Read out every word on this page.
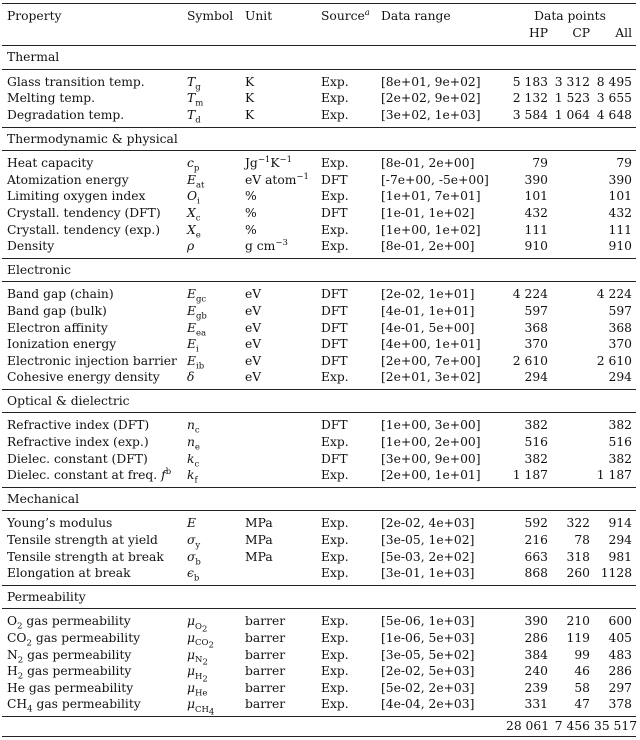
Property	Symbol	Unit	Source$^a$	Data range	Data points		
					HP	CP	All
Thermal							
Glass transition temp.	$T_g$	K	Exp.	[8e+01, 9e+02]	5 183	3 312	8 495
Melting temp.	$T_m$	K	Exp.	[2e+02, 9e+02]	2 132	1 523	3 655
Degradation temp.	$T_d$	K	Exp.	[3e+02, 1e+03]	3 584	1 064	4 648
Thermodynamic & physical							
Heat capacity	$c_p$	$Jg^{-1}K^{-1}$	Exp.	[8e-01, 2e+00]	79		79
Atomization energy	$E_{at}$	eV atom$^{-1}$	DFT	[-7e+00, -5e+00]	390		390
Limiting oxygen index	$O_i$	%	Exp.	[1e+01, 7e+01]	101		101
Crystall. tendency (DFT)	$X_c$	%	DFT	[1e-01, 1e+02]	432		432
Crystall. tendency (exp.)	$X_e$	%	Exp.	[1e+00, 1e+02]	111		111
Density	ρ	g $cm^{-3}$	Exp.	[8e-01, 2e+00]	910		910
Electronic							
Band gap (chain)	$E_{gc}$	eV	DFT	[2e-02, 1e+01]	4 224		4 224
Band gap (bulk)	$E_{gb}$	eV	DFT	[4e-01, 1e+01]	597		597
Electron affinity	$E_{ea}$	eV	DFT	[4e-01, 5e+00]	368		368
Ionization energy	$E_i$	eV	DFT	[4e+00, 1e+01]	370		370
Electronic injection barrier	$E_{ib}$	eV	DFT	[2e+00, 7e+00]	2 610		2 610
Cohesive energy density	δ	eV	Exp.	[2e+01, 3e+02]	294		294
Optical & dielectric							
Refractive index (DFT)	$n_c$		DFT	[1e+00, 3e+00]	382		382
Refractive index (exp.)	$n_e$		Exp.	[1e+00, 2e+00]	516		516
Dielec. constant (DFT)	$k_c$		DFT	[3e+00, 9e+00]	382		382
Dielec. constant at freq. $f^b$	$k_f$		Exp.	[2e+00, 1e+01]	1 187		1 187
Mechanical							
Young’s modulus	E	MPa	Exp.	[2e-02, 4e+03]	592	322	914
Tensile strength at yield	$\sigma_y$	MPa	Exp.	[3e-05, 1e+02]	216	78	294
Tensile strength at break	$\sigma_b$	MPa	Exp.	[5e-03, 2e+02]	663	318	981
Elongation at break	$\epsilon_b$		Exp.	[3e-01, 1e+03]	868	260	1128
Permeability							
$O_2$ gas permeability	$\mu_{O_2}$	barrer	Exp.	[5e-06, 1e+03]	390	210	600
$CO_2$ gas permeability	$\mu_{CO_2}$	barrer	Exp.	[1e-06, 5e+03]	286	119	405
$N_2$ gas permeability	$\mu_{N_2}$	barrer	Exp.	[3e-05, 5e+02]	384	99	483
$H_2$ gas permeability	$\mu_{H_2}$	barrer	Exp.	[2e-02, 5e+03]	240	46	286
He gas permeability	$\mu_{He}$	barrer	Exp.	[5e-02, 2e+03]	239	58	297
$CH_4$ gas permeability	$\mu_{CH_4}$	barrer	Exp.	[4e-04, 2e+03]	331	47	378
					28 061	7 456	35 517
